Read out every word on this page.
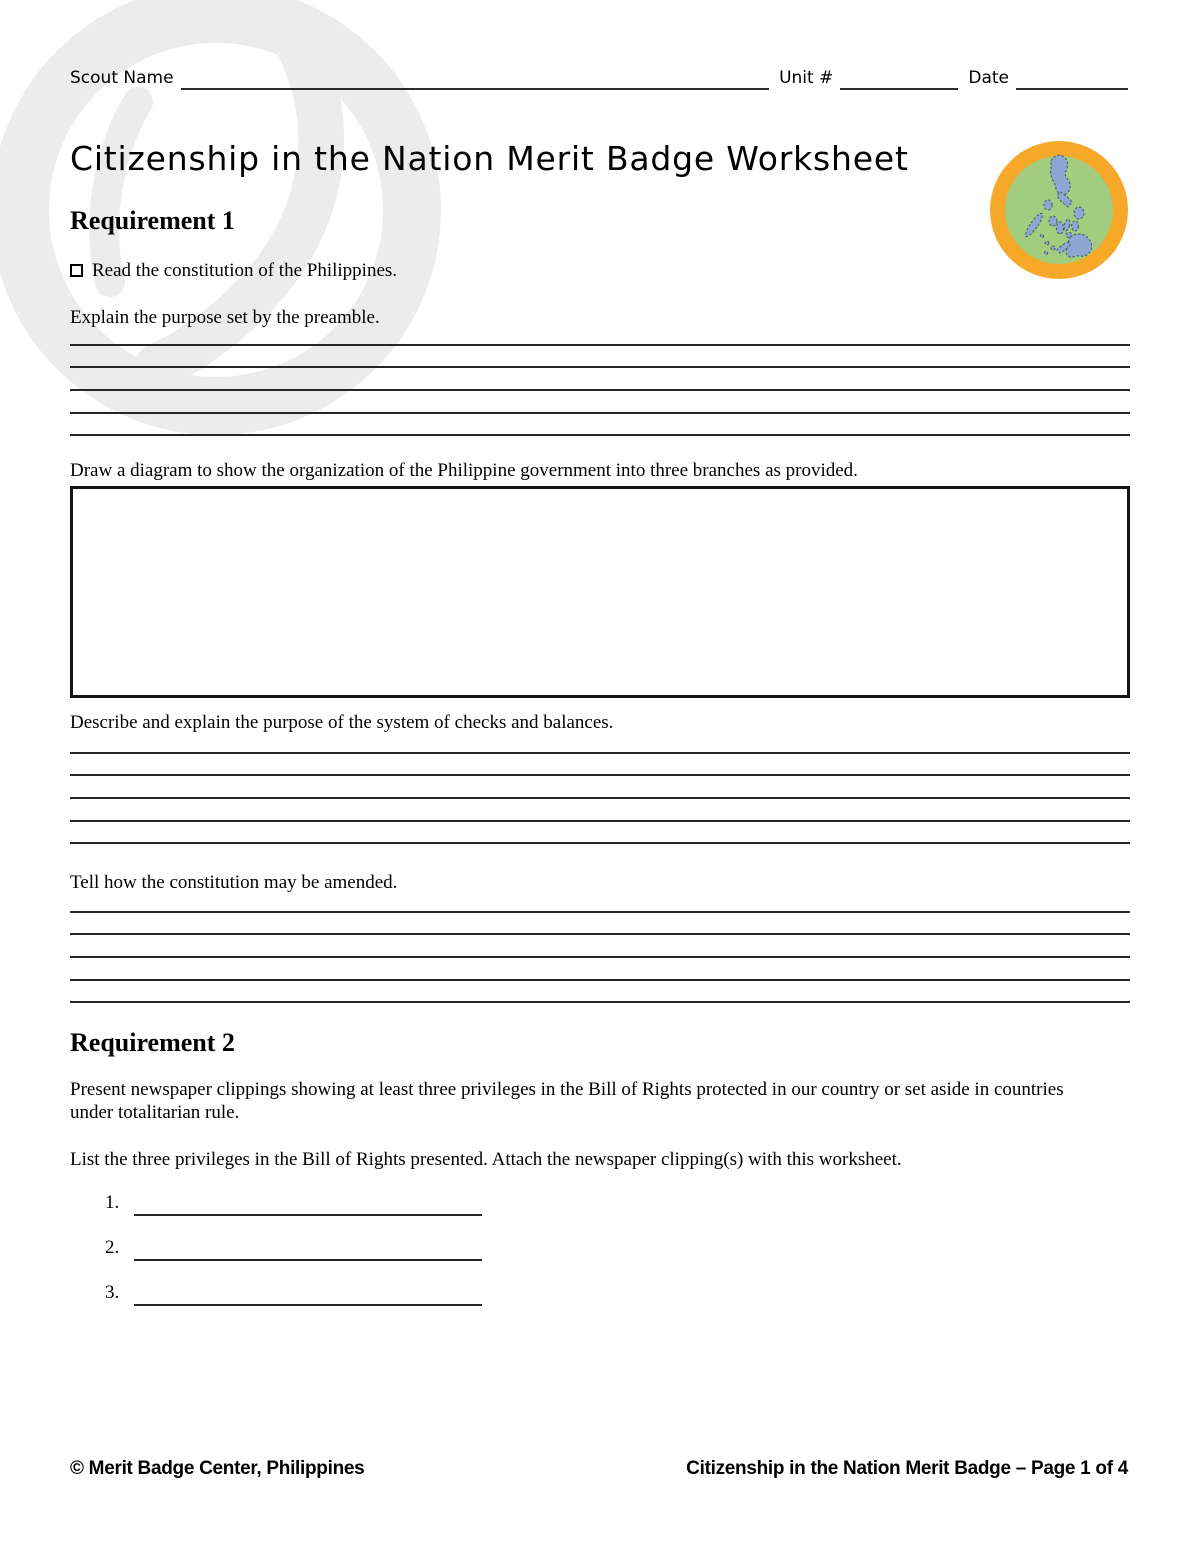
Scout Name	Unit #	Date
Citizenship in the Nation Merit Badge Worksheet
Requirement 1
Read the constitution of the Philippines.
Explain the purpose set by the preamble.
Draw a diagram to show the organization of the Philippine government into three branches as provided.
Describe and explain the purpose of the system of checks and balances.
Tell how the constitution may be amended.
Requirement 2
Present newspaper clippings showing at least three privileges in the Bill of Rights protected in our country or set aside in countries
under totalitarian rule.
List the three privileges in the Bill of Rights presented. Attach the newspaper clipping(s) with this worksheet.
1.
2.
3.
© Merit Badge Center, Philippines	Citizenship in the Nation Merit Badge – Page 1 of 4
